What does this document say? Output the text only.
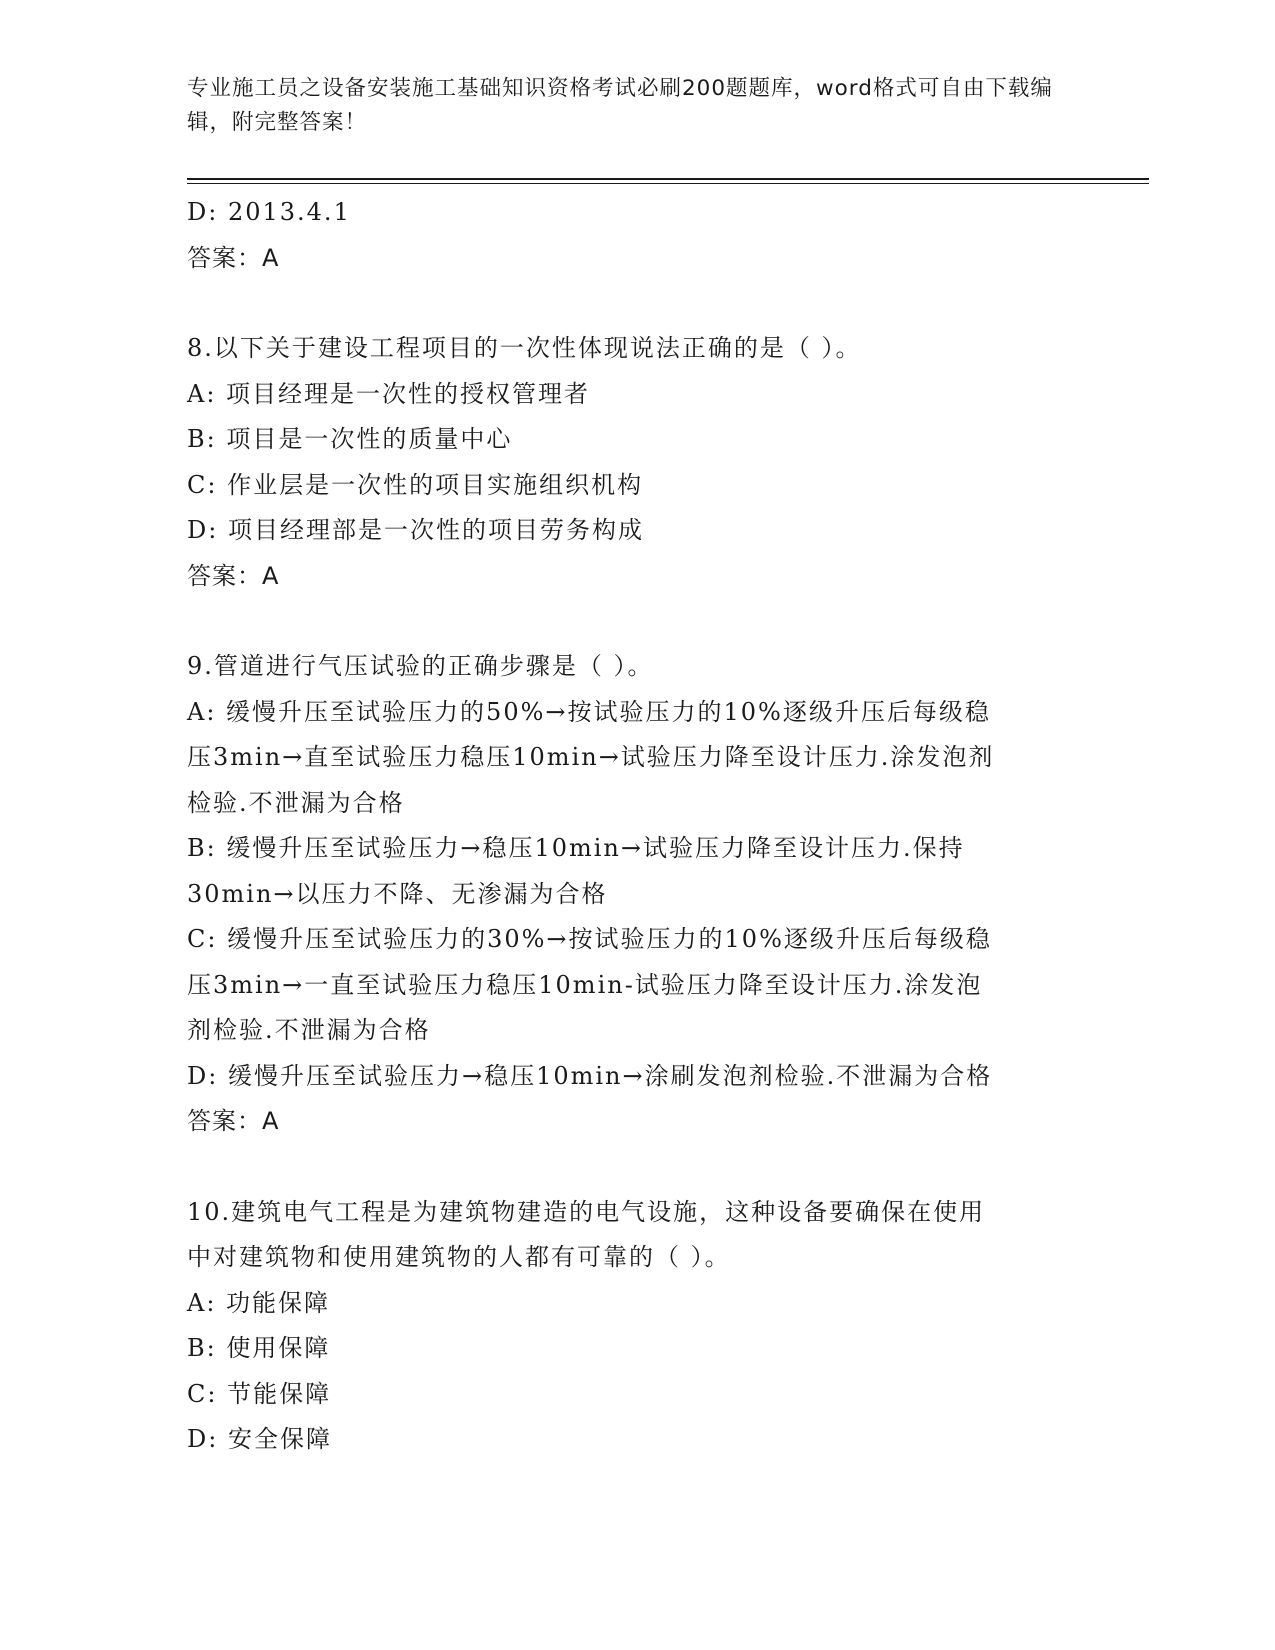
专业施工员之设备安装施工基础知识资格考试必刷200题题库，word格式可自由下载编辑，附完整答案！
D: 2013.4.1
答案：A
8.以下关于建设工程项目的一次性体现说法正确的是（ ）。
A: 项目经理是一次性的授权管理者
B: 项目是一次性的质量中心
C: 作业层是一次性的项目实施组织机构
D: 项目经理部是一次性的项目劳务构成
答案：A
9.管道进行气压试验的正确步骤是（ ）。
A: 缓慢升压至试验压力的50%→按试验压力的10%逐级升压后每级稳
压3min→直至试验压力稳压10min→试验压力降至设计压力.涂发泡剂
检验.不泄漏为合格
B: 缓慢升压至试验压力→稳压10min→试验压力降至设计压力.保持
30min→以压力不降、无渗漏为合格
C: 缓慢升压至试验压力的30%→按试验压力的10%逐级升压后每级稳
压3min→一直至试验压力稳压10min-试验压力降至设计压力.涂发泡
剂检验.不泄漏为合格
D: 缓慢升压至试验压力→稳压10min→涂刷发泡剂检验.不泄漏为合格
答案：A
10.建筑电气工程是为建筑物建造的电气设施，这种设备要确保在使用
中对建筑物和使用建筑物的人都有可靠的（ ）。
A: 功能保障
B: 使用保障
C: 节能保障
D: 安全保障
